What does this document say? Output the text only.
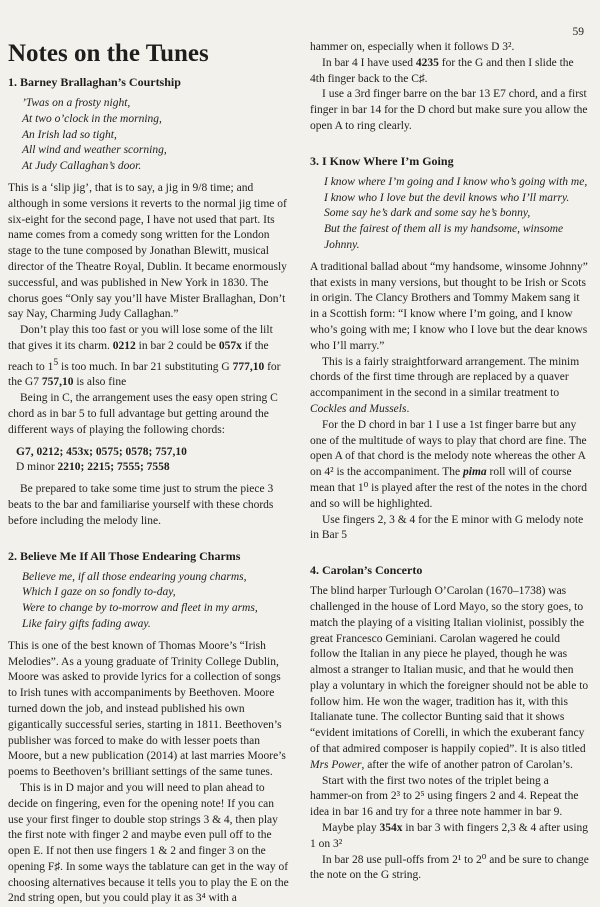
59
Notes on the Tunes
1. Barney Brallaghan’s Courtship
’Twas on a frosty night,
At two o’clock in the morning,
An Irish lad so tight,
All wind and weather scorning,
At Judy Callaghan’s door.

This is a ‘slip jig’, that is to say, a jig in 9/8 time; and although in some versions it reverts to the normal jig time of six-eight for the second page, I have not used that part. Its name comes from a comedy song written for the London stage to the tune composed by Jonathan Blewitt, musical director of the Theatre Royal, Dublin. It became enormously successful, and was published in New York in 1830. The chorus goes “Only say you’ll have Mister Brallaghan, Don’t say Nay, Charming Judy Callaghan.”

Don’t play this too fast or you will lose some of the lilt that gives it its charm. 0212 in bar 2 could be 057x if the reach to $1^5$ is too much. In bar 21 substituting G 777,10 for the G7 757,10 is also fine

Being in C, the arrangement uses the easy open string C chord as in bar 5 to full advantage but getting around the different ways of playing the following chords:

G7, 0212; 453x; 0575; 0578; 757,10
D minor 2210; 2215; 7555; 7558

Be prepared to take some time just to strum the piece 3 beats to the bar and familiarise yourself with these chords before including the melody line.

2. Believe Me If All Those Endearing Charms
Believe me, if all those endearing young charms,
Which I gaze on so fondly to-day,
Were to change by to-morrow and fleet in my arms,
Like fairy gifts fading away.

This is one of the best known of Thomas Moore’s “Irish Melodies”. As a young graduate of Trinity College Dublin, Moore was asked to provide lyrics for a collection of songs to Irish tunes with accompaniments by Beethoven. Moore turned down the job, and instead published his own gigantically successful series, starting in 1811. Beethoven’s publisher was forced to make do with lesser poets than Moore, but a new publication (2014) at last marries Moore’s poems to Beethoven’s brilliant settings of the same tunes.

This is in D major and you will need to plan ahead to decide on fingering, even for the opening note! If you can use your first finger to double stop strings 3 & 4, then play the first note with finger 2 and maybe even pull off to the open E. If not then use fingers 1 & 2 and finger 3 on the opening F♯. In some ways the tablature can get in the way of choosing alternatives because it tells you to play the E on the 2nd string open, but you could play it as 3⁴ with a

hammer on, especially when it follows D 3².

In bar 4 I have used 4235 for the G and then I slide the 4th finger back to the C♯.

I use a 3rd finger barre on the bar 13 E7 chord, and a first finger in bar 14 for the D chord but make sure you allow the open A to ring clearly.

3. I Know Where I’m Going
I know where I’m going and I know who’s going with me,
I know who I love but the devil knows who I’ll marry.
Some say he’s dark and some say he’s bonny,
But the fairest of them all is my handsome, winsome Johnny.

A traditional ballad about “my handsome, winsome Johnny” that exists in many versions, but thought to be Irish or Scots in origin. The Clancy Brothers and Tommy Makem sang it in a Scottish form: “I know where I’m going, and I know who’s going with me; I know who I love but the dear knows who I’ll marry.”

This is a fairly straightforward arrangement. The minim chords of the first time through are replaced by a quaver accompaniment in the second in a similar treatment to Cockles and Mussels.

For the D chord in bar 1 I use a 1st finger barre but any one of the multitude of ways to play that chord are fine. The open A of that chord is the melody note whereas the other A on 4² is the accompaniment. The pima roll will of course mean that 1⁰ is played after the rest of the notes in the chord and so will be highlighted.

Use fingers 2, 3 & 4 for the E minor with G melody note in Bar 5

4. Carolan’s Concerto

The blind harper Turlough O’Carolan (1670–1738) was challenged in the house of Lord Mayo, so the story goes, to match the playing of a visiting Italian violinist, possibly the great Francesco Geminiani. Carolan wagered he could follow the Italian in any piece he played, though he was almost a stranger to Italian music, and that he would then play a voluntary in which the foreigner should not be able to follow him. He won the wager, tradition has it, with this Italianate tune. The collector Bunting said that it shows “evident imitations of Corelli, in which the exuberant fancy of that admired composer is happily copied”. It is also titled Mrs Power, after the wife of another patron of Carolan’s.

Start with the first two notes of the triplet being a hammer-on from 2³ to 2⁵ using fingers 2 and 4. Repeat the idea in bar 16 and try for a three note hammer in bar 9.

Maybe play 354x in bar 3 with fingers 2,3 & 4 after using 1 on 3²

In bar 28 use pull-offs from 2¹ to 2⁰ and be sure to change the note on the G string.
